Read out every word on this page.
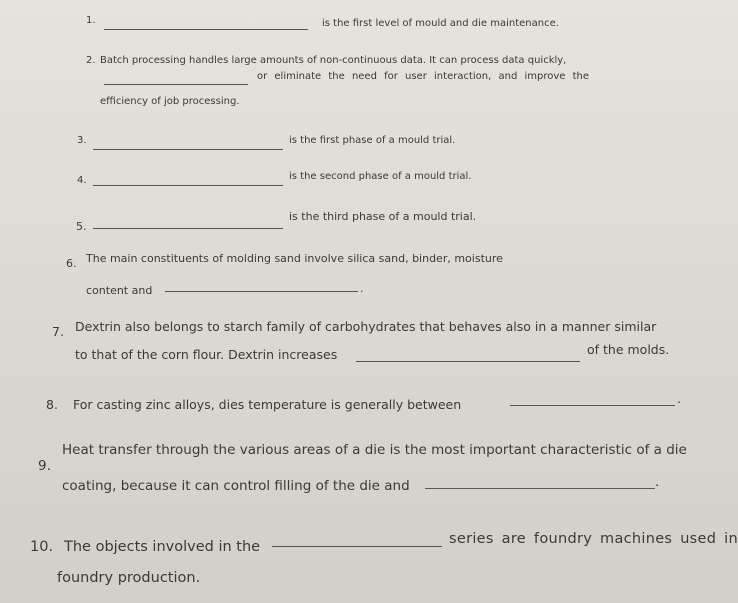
1.	is the first level of mould and die maintenance.
2. Batch processing handles large amounts of non-continuous data. It can process data quickly,
or eliminate the need for user interaction, and improve the
efficiency of job processing.
3.	is the first phase of a mould trial.
4.	is the second phase of a mould trial.
5.
is the third phase of a mould trial.
6. The main constituents of molding sand involve silica sand, binder, moisture
content and	.
7. Dextrin also belongs to starch family of carbohydrates that behaves also in a manner similar
to that of the corn flour. Dextrin increases	of the molds.
8. For casting zinc alloys, dies temperature is generally between	.
9.
Heat transfer through the various areas of a die is the most important characteristic of a die
coating, because it can control filling of the die and	.
10. The objects involved in the	series are foundry machines used in
foundry production.
